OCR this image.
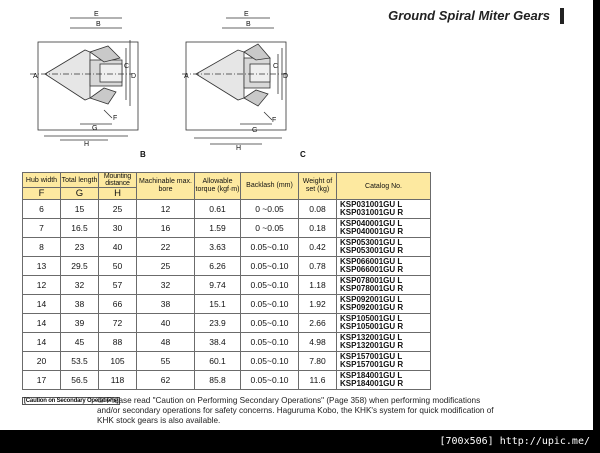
Ground Spiral Miter Gears
E
C
D
A
B
G
H
F
E
C
D
A
B
G
H
F
B	C
Hub width	Total length	Mounting distance	Machinable max. bore	Allowable torque (kgf·m)	Backlash (mm)	Weight of set (kg)	Catalog No.
F	G	H					
6	15	25	12	0.61	0 ~0.05	0.08	KSP031001GU L
KSP031001GU R

7	16.5	30	16	1.59	0 ~0.05	0.18	KSP040001GU L
KSP040001GU R

8	23	40	22	3.63	0.05~0.10	0.42	KSP053001GU L
KSP053001GU R

13	29.5	50	25	6.26	0.05~0.10	0.78	KSP066001GU L
KSP066001GU R

12	32	57	32	9.74	0.05~0.10	1.18	KSP078001GU L
KSP078001GU R

14	38	66	38	15.1	0.05~0.10	1.92	KSP092001GU L
KSP092001GU R

14	39	72	40	23.9	0.05~0.10	2.66	KSP105001GU L
KSP105001GU R

14	45	88	48	38.4	0.05~0.10	4.98	KSP132001GU L
KSP132001GU R

20	53.5	105	55	60.1	0.05~0.10	7.80	KSP157001GU L
KSP157001GU R

17	56.5	118	62	85.8	0.05~0.10	11.6	KSP184001GU L
KSP184001GU R
[Caution on Secondary Operations]
① Please read "Caution on Performing Secondary Operations" (Page 358) when performing modifications and/or secondary operations for safety concerns. Haguruma Kobo, the KHK's system for quick modification of KHK stock gears is also available.
[700x506] http://upic.me/
